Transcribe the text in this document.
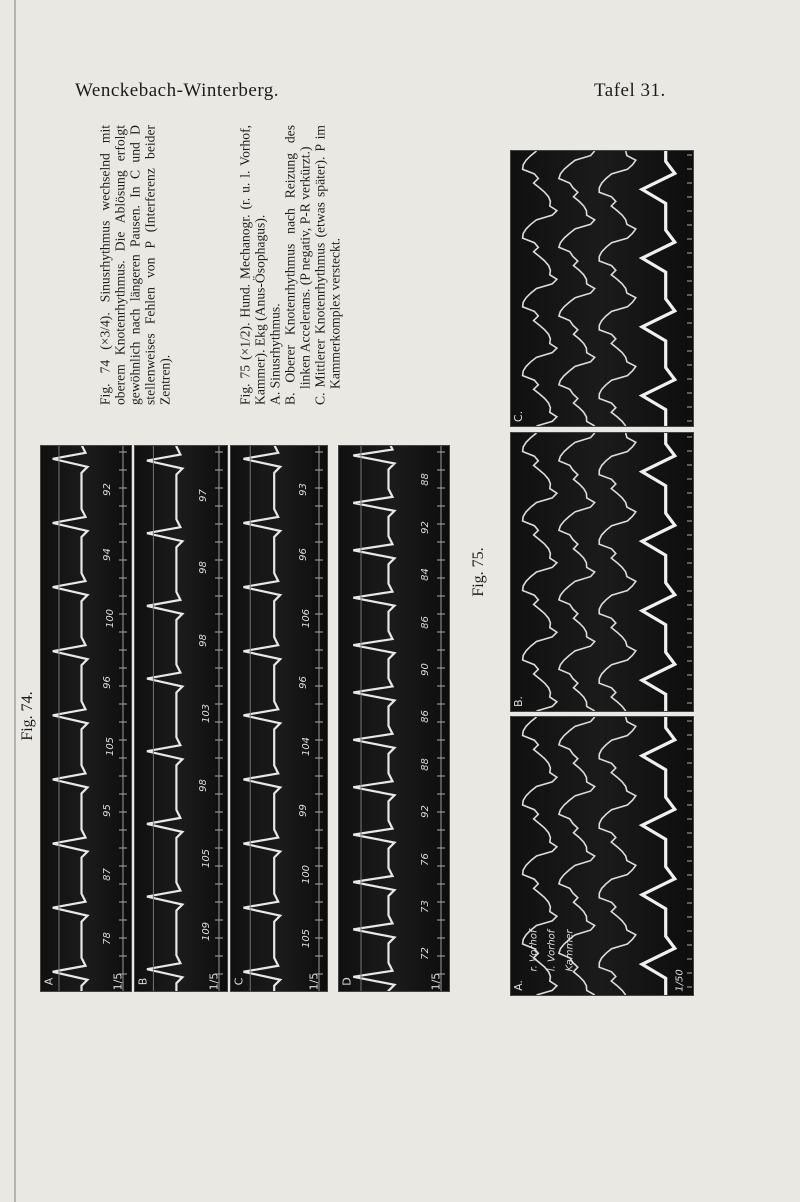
Wenckebach-Winterberg.	Tafel 31.
Fig. 74.

Fig. 74 (×3/4). Sinusrhythmus wechselnd mit oberem Knotenrhythmus. Die Ablösung erfolgt gewöhnlich nach längeren Pausen. In C und D stellenweises Fehlen von P (Interferenz beider Zentren).	Fig. 75 (×1/2). Hund. Mechanogr. (r. u. l. Vorhof, Kammer). Ekg (Anus-Ösophagus). A. Sinusrhythmus. B. Oberer Knotenrhythmus nach Reizung des linken Accelerans. (P negativ, P-R verkürzt.) C. Mittlerer Knotenrhythmus (etwas später). P im Kammerkomplex versteckt.

Fig. 75.
A	1/5
78
87
95
105
96
100
94
92
B	1/5
109
105
98
103
98
98
97
C	1/5
105
100
99
104
96
106
96
93
D	1/5
72
73
76
92
88
86
90
86
84
92
88
C.
B.
A.
r. Vorhof l. Vorhof Kammer
1/50
